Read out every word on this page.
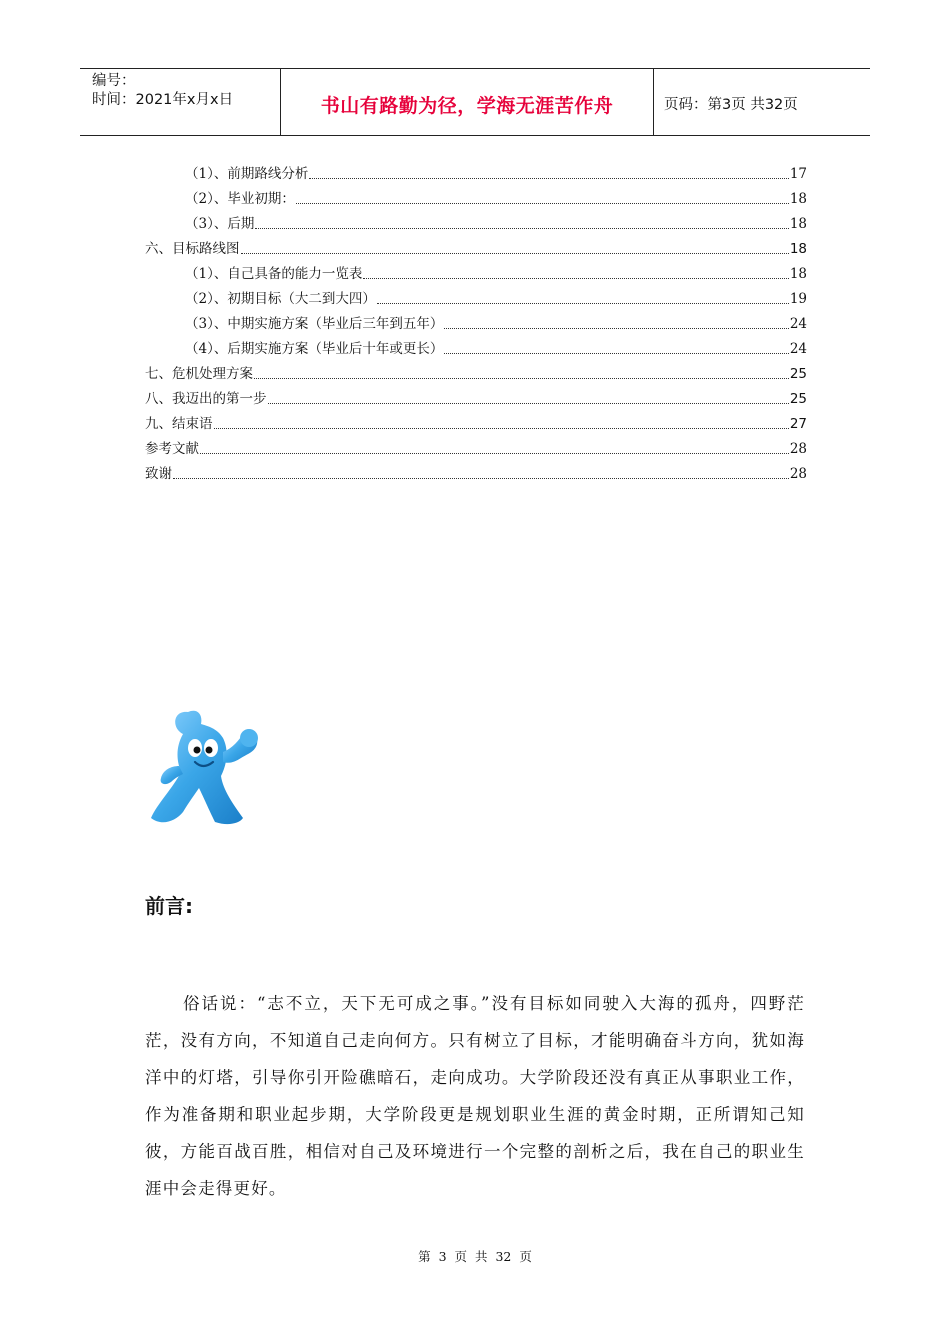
编号：
时间：2021年x月x日	书山有路勤为径，学海无涯苦作舟	页码：第3页 共32页
（1）、前期路线分析	17
（2）、毕业初期：	18
（3）、后期	18
六、目标路线图	18
（1）、自己具备的能力一览表	18
（2）、初期目标（大二到大四）	19
（3）、中期实施方案（毕业后三年到五年）	24
（4）、后期实施方案（毕业后十年或更长）	24
七、危机处理方案	25
八、我迈出的第一步	25
九、结束语	27
参考文献	28
致谢	28
前言:

俗话说：“志不立，天下无可成之事。”没有目标如同驶入大海的孤舟，四野茫茫，没有方向，不知道自己走向何方。只有树立了目标，才能明确奋斗方向，犹如海洋中的灯塔，引导你引开险礁暗石，走向成功。大学阶段还没有真正从事职业工作，作为准备期和职业起步期，大学阶段更是规划职业生涯的黄金时期，正所谓知己知彼，方能百战百胜，相信对自己及环境进行一个完整的剖析之后，我在自己的职业生涯中会走得更好。

第 3 页 共 32 页
